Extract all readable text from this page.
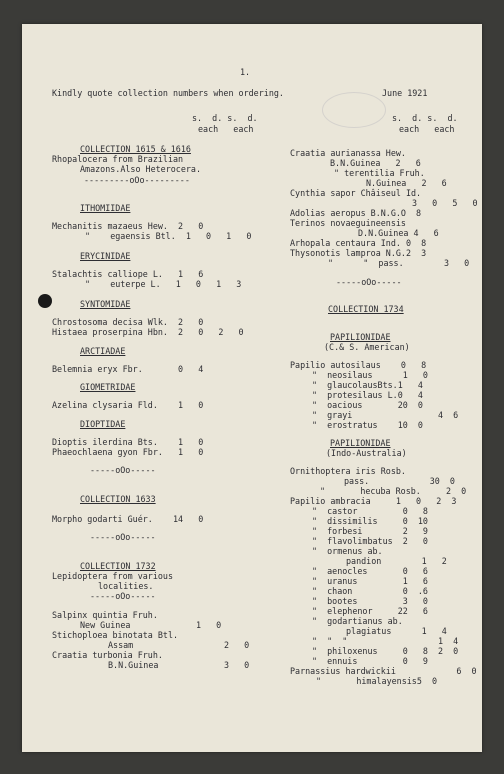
1.
Kindly quote collection numbers when ordering.	June 1921
s.  d. s.  d.
each   each
s.  d. s.  d.
each   each
COLLECTION 1615 & 1616
Rhopalocera from Brazilian
Amazons.Also Heterocera.
---------oOo---------
ITHOMIIDAE
Mechanitis mazaeus Hew.  2   0
"    egaensis Btl.  1   0   1   0
ERYCINIDAE
Stalachtis calliope L.   1   6
"    euterpe L.   1   0   1   3
SYNTOMIDAE
Chrostosoma decisa Wlk.  2   0
Histaea proserpina Hbn.  2   0   2   0
ARCTIADAE
Belemnia eryx Fbr.       0   4
GIOMETRIDAE
Azelina clysaria Fld.    1   0
DIOPTIDAE
Dioptis ilerdina Bts.    1   0
Phaeochlaena gyon Fbr.   1   0
-----oOo-----
COLLECTION 1633
Morpho godarti Guér.    14   0
-----oOo-----
COLLECTION 1732
Lepidoptera from various
localities.
-----oOo-----
Salpinx quintia Fruh.
New Guinea             1   0
Stichoploea binotata Btl.
Assam                  2   0
Craatia turbonia Fruh.
B.N.Guinea             3   0
Craatia aurianassa Hew.
B.N.Guinea   2   6
" terentilia Fruh.
N.Guinea   2   6
Cynthia sapor Châiseul Id.
3   0   5   0
Adolias aeropus B.N.G.O  8
Terinos novaeguineensis
D.N.Guinea 4   6
Arhopala centaura Ind. 0  8
Thysonotis lamproa N.G.2  3
"      "  pass.        3   0
-----oOo-----
COLLECTION 1734
PAPILIONIDAE
(C.& S. American)
Papilio autosilaus    0   8
"  neosilaus      1   0
"  glaucolausBts.1   4
"  protesilaus L.0   4
"  oacious       20  0
"  grayi                 4  6
"  erostratus    10  0
PAPILIONIDAE
(Indo-Australia)
Ornithoptera iris Rosb.
pass.            30  0
"       hecuba Rosb.     2  0
Papilio ambracia     1   0   2  3
"  castor         0   8
"  dissimilis     0  10
"  forbesi        2   9
"  flavolimbatus  2   0
"  ormenus ab.
pandion        1   2
"  aenocles       0   6
"  uranus         1   6
"  chaon          0  .6
"  bootes         3   0
"  elephenor     22   6
"  godartianus ab.
plagiatus      1   4
"  "  "                  1  4
"  philoxenus     0   8  2  0
"  ennuis         0   9
Parnassius hardwickii            6  0
"       himalayensis5  0
